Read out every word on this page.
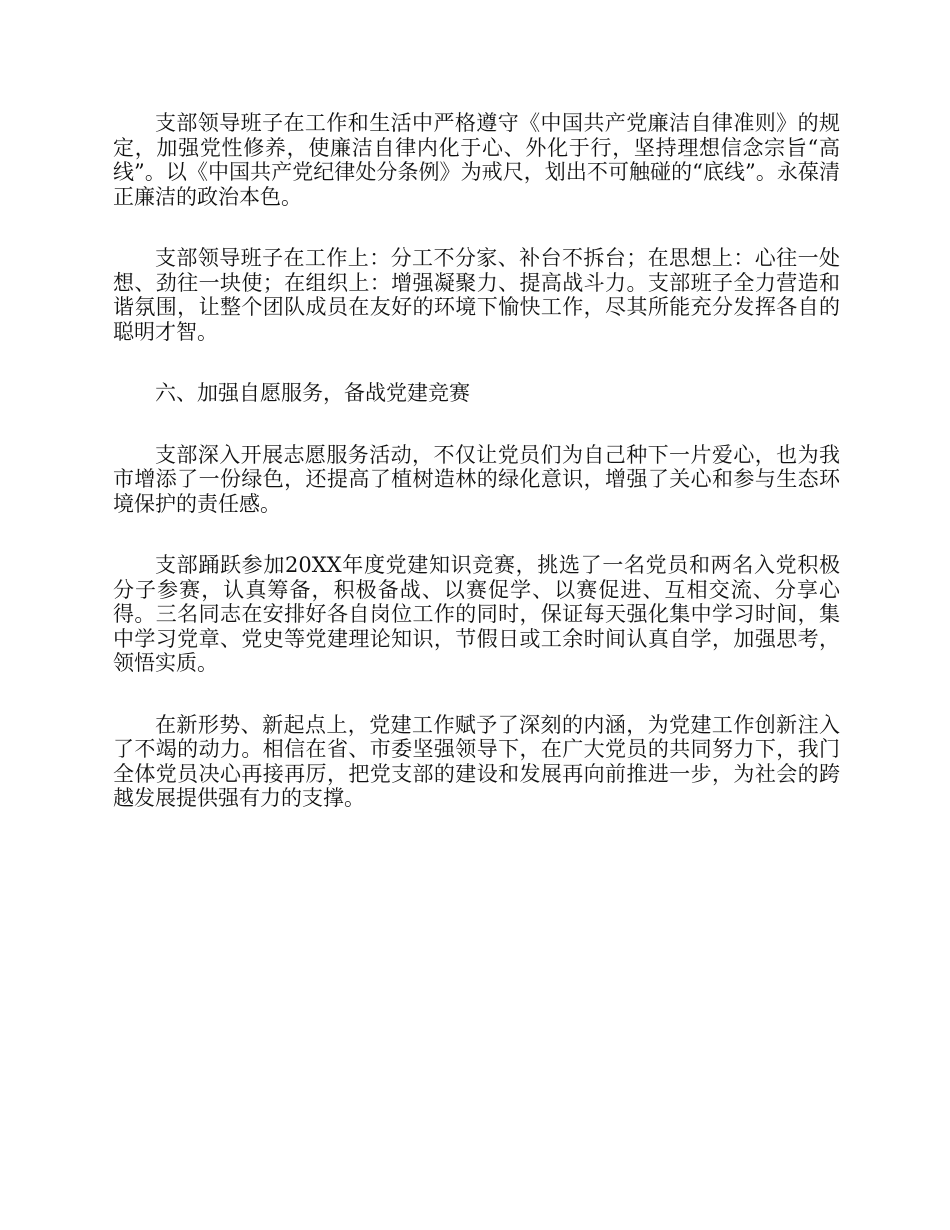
支部领导班子在工作和生活中严格遵守《中国共产党廉洁自律准则》的规定，加强党性修养，使廉洁自律内化于心、外化于行，坚持理想信念宗旨“高线”。以《中国共产党纪律处分条例》为戒尺，划出不可触碰的“底线”。永葆清正廉洁的政治本色。

支部领导班子在工作上：分工不分家、补台不拆台；在思想上：心往一处想、劲往一块使；在组织上：增强凝聚力、提高战斗力。支部班子全力营造和谐氛围，让整个团队成员在友好的环境下愉快工作，尽其所能充分发挥各自的聪明才智。

六、加强自愿服务，备战党建竞赛

支部深入开展志愿服务活动，不仅让党员们为自己种下一片爱心，也为我市增添了一份绿色，还提高了植树造林的绿化意识，增强了关心和参与生态环境保护的责任感。

支部踊跃参加20XX年度党建知识竞赛，挑选了一名党员和两名入党积极分子参赛，认真筹备，积极备战、以赛促学、以赛促进、互相交流、分享心得。三名同志在安排好各自岗位工作的同时，保证每天强化集中学习时间，集中学习党章、党史等党建理论知识，节假日或工余时间认真自学，加强思考，领悟实质。

在新形势、新起点上，党建工作赋予了深刻的内涵，为党建工作创新注入了不竭的动力。相信在省、市委坚强领导下，在广大党员的共同努力下，我门全体党员决心再接再厉，把党支部的建设和发展再向前推进一步，为社会的跨越发展提供强有力的支撑。
